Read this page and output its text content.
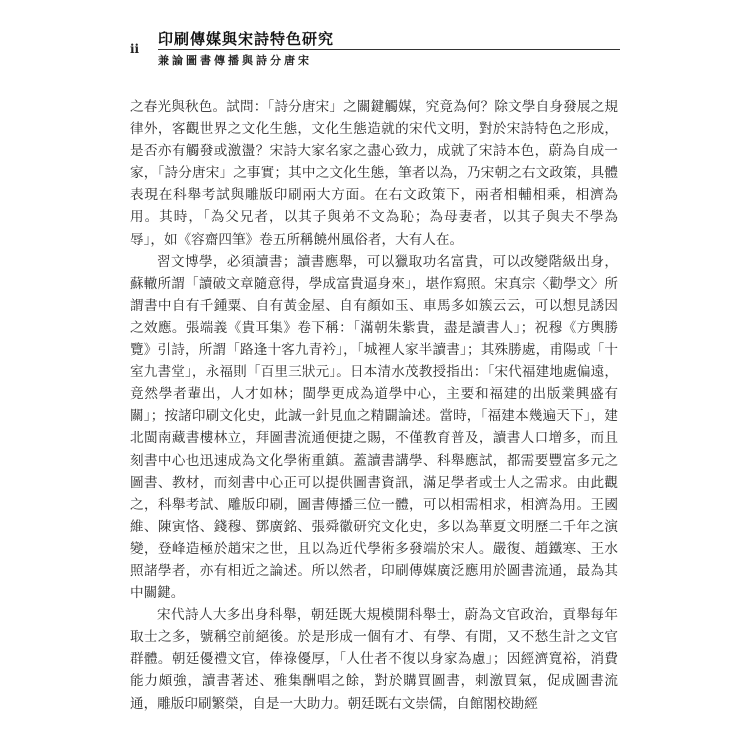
ii
印刷傳媒與宋詩特色研究
兼論圖書傳播與詩分唐宋

之春光與秋色。試問：「詩分唐宋」之關鍵觸媒，究竟為何？除文學自身發展之規律外，客觀世界之文化生態，文化生態造就的宋代文明，對於宋詩特色之形成，是否亦有觸發或激盪？宋詩大家名家之盡心致力，成就了宋詩本色，蔚為自成一家，「詩分唐宋」之事實；其中之文化生態，筆者以為，乃宋朝之右文政策，具體表現在科舉考試與雕版印刷兩大方面。在右文政策下，兩者相輔相乘，相濟為用。其時，「為父兄者，以其子與弟不文為恥；為母妻者，以其子與夫不學為辱」，如《容齋四筆》卷五所稱饒州風俗者，大有人在。

習文博學，必須讀書；讀書應舉，可以獵取功名富貴，可以改變階級出身，蘇轍所謂「讀破文章隨意得，學成富貴逼身來」，堪作寫照。宋真宗〈勸學文〉所謂書中自有千鍾粟、自有黃金屋、自有顏如玉、車馬多如簇云云，可以想見誘因之效應。張端義《貴耳集》卷下稱：「滿朝朱紫貴，盡是讀書人」；祝穆《方輿勝覽》引詩，所謂「路逢十客九青衿」，「城裡人家半讀書」；其殊勝處，甫陽或「十室九書堂」，永福則「百里三狀元」。日本清水茂教授指出：「宋代福建地處偏遠，竟然學者輩出，人才如林；閩學更成為道學中心，主要和福建的出版業興盛有關」；按諸印刷文化史，此誠一針見血之精闢論述。當時，「福建本幾遍天下」，建北閩南藏書樓林立，拜圖書流通便捷之賜，不僅教育普及，讀書人口增多，而且刻書中心也迅速成為文化學術重鎮。蓋讀書講學、科舉應試，都需要豐富多元之圖書、教材，而刻書中心正可以提供圖書資訊，滿足學者或士人之需求。由此觀之，科舉考試、雕版印刷，圖書傳播三位一體，可以相需相求，相濟為用。王國維、陳寅恪、錢穆、鄧廣銘、張舜徽研究文化史，多以為華夏文明歷二千年之演變，登峰造極於趙宋之世，且以為近代學術多發端於宋人。嚴復、趙鐵寒、王水照諸學者，亦有相近之論述。所以然者，印刷傳媒廣泛應用於圖書流通，最為其中關鍵。

宋代詩人大多出身科舉，朝廷既大規模開科舉士，蔚為文官政治，貢舉每年取士之多，號稱空前絕後。於是形成一個有才、有學、有閒，又不愁生計之文官群體。朝廷優禮文官，俸祿優厚，「人仕者不復以身家為慮」；因經濟寬裕，消費能力頗強，讀書著述、雅集酬唱之餘，對於購買圖書，刺激買氣，促成圖書流通，雕版印刷繁榮，自是一大助力。朝廷既右文崇儒，自館閣校勘經
